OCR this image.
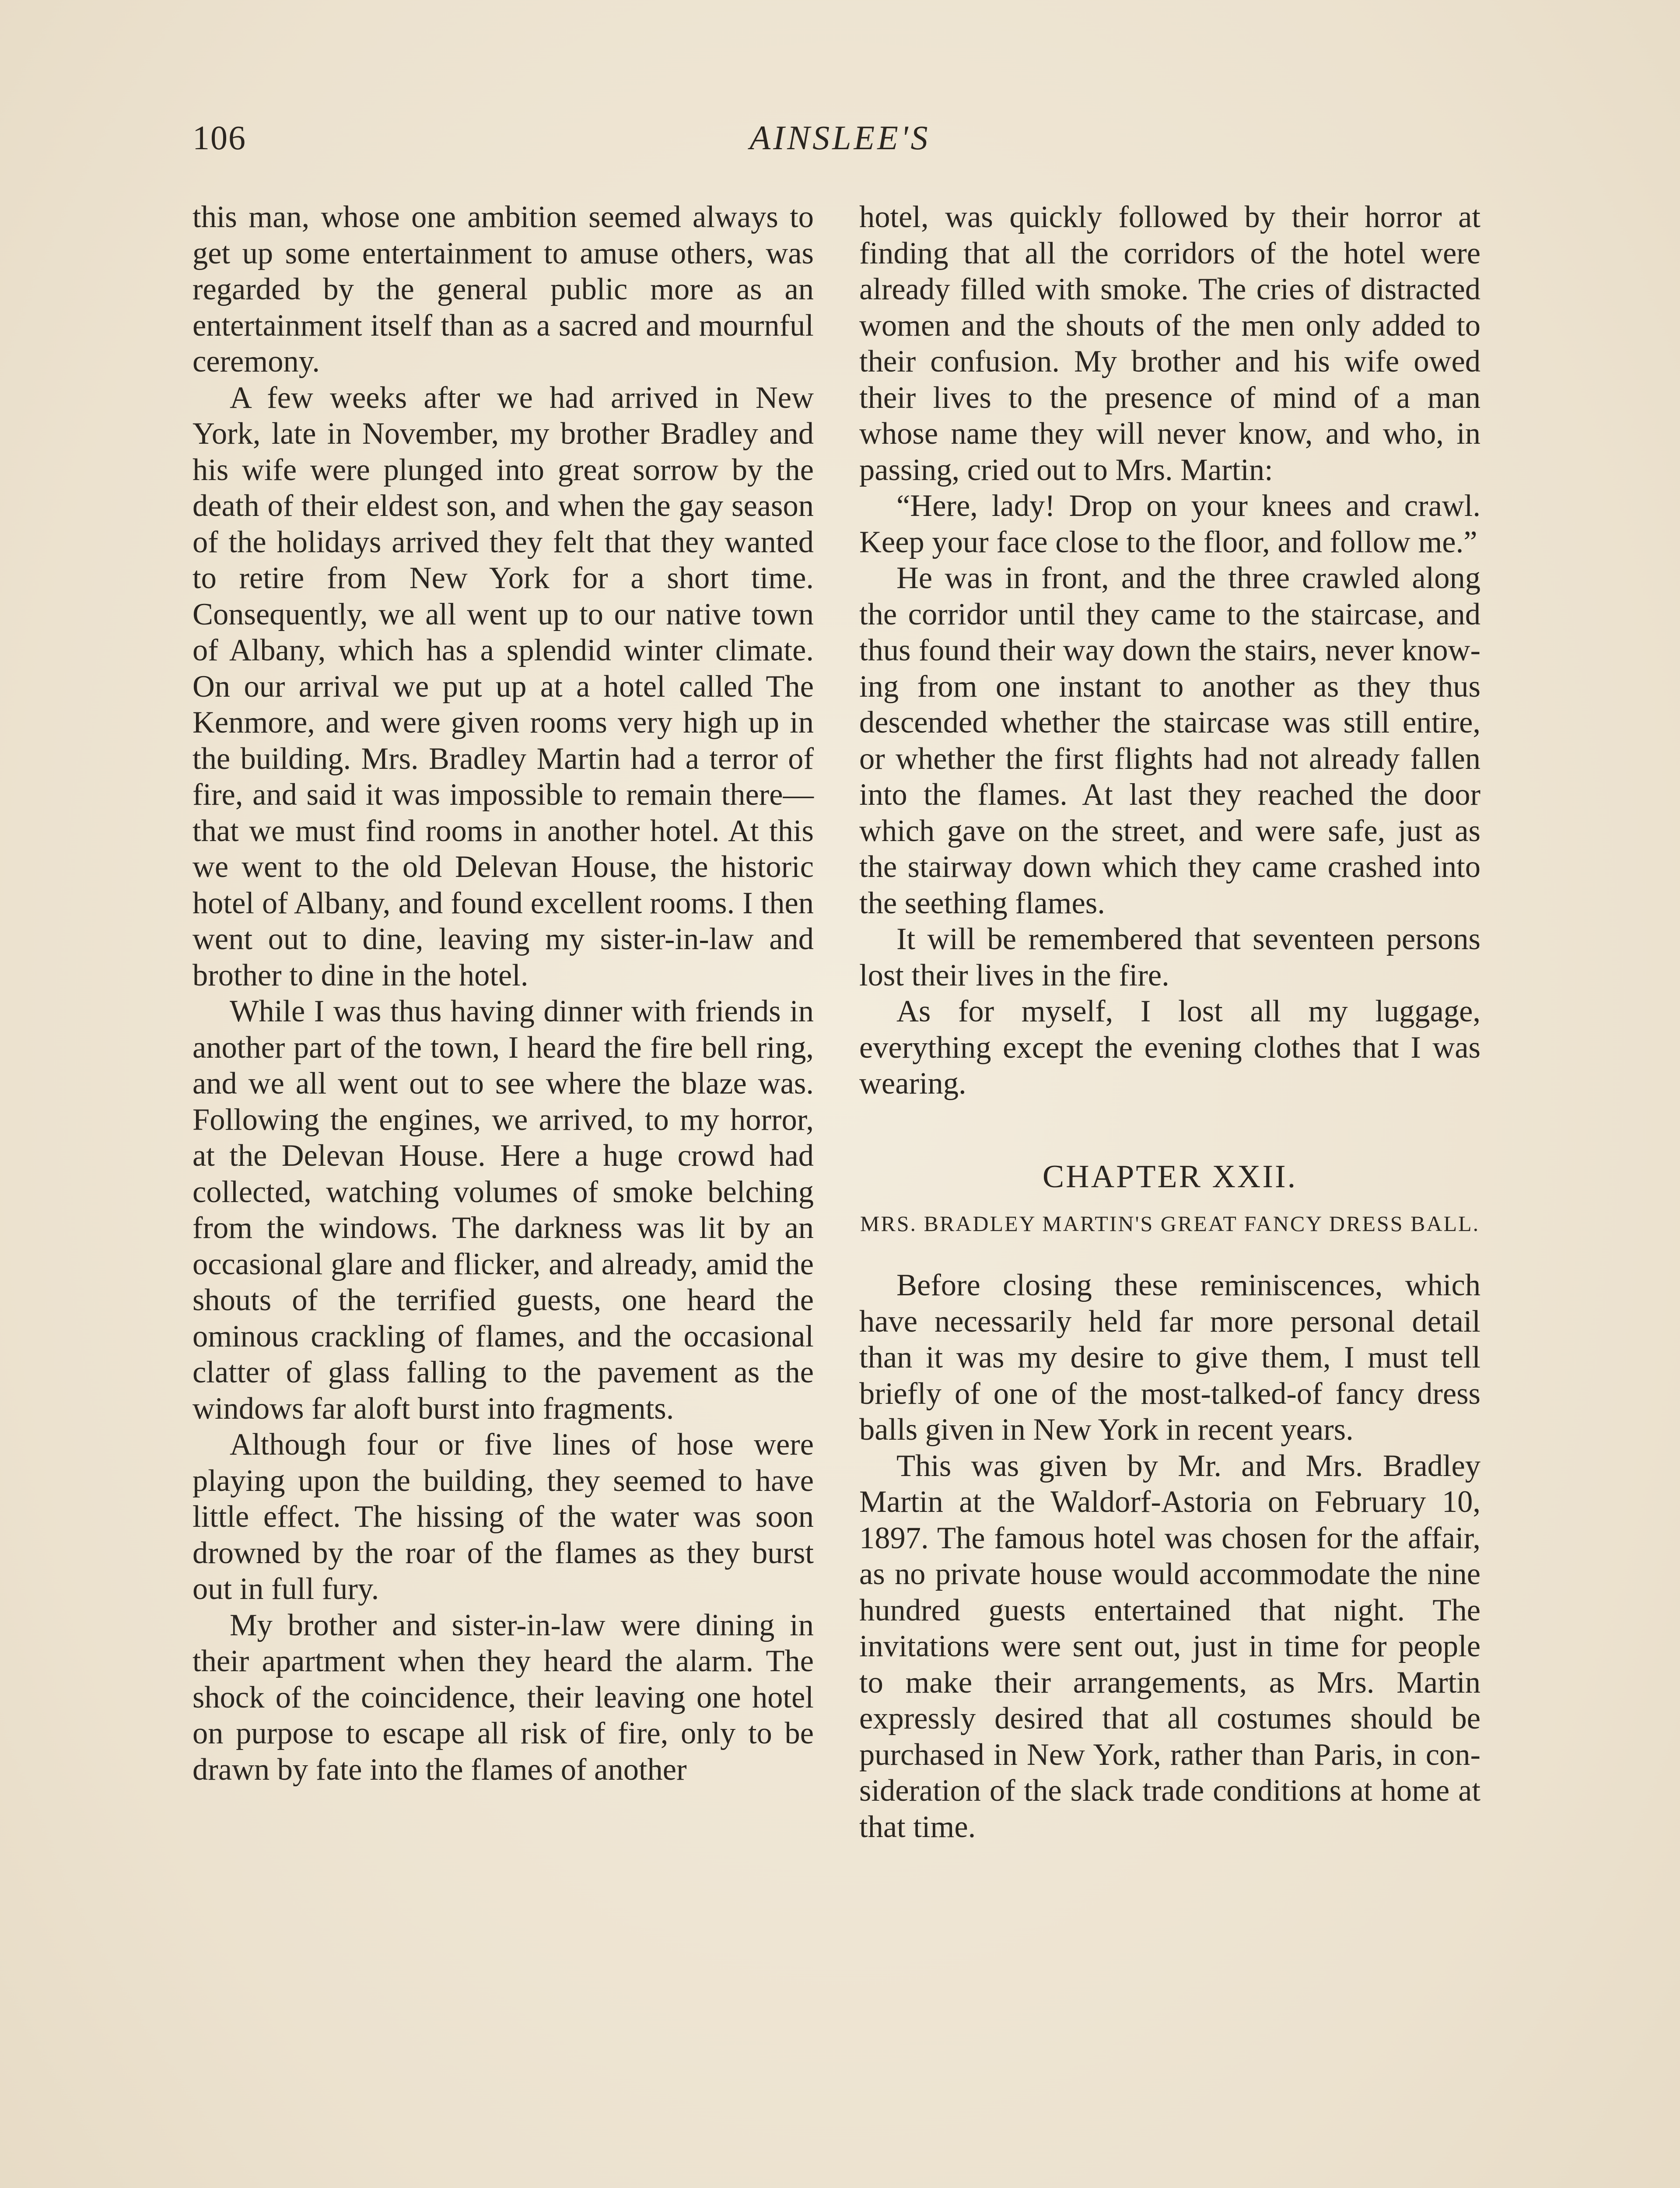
106	AINSLEE'S

this man, whose one ambition seemed always to get up some entertainment to amuse others, was regarded by the general public more as an entertainment itself than as a sacred and mournful ceremony.

A few weeks after we had arrived in New York, late in November, my brother Bradley and his wife were plunged into great sorrow by the death of their eldest son, and when the gay season of the holidays arrived they felt that they wanted to retire from New York for a short time. Consequently, we all went up to our native town of Albany, which has a splendid winter climate. On our arrival we put up at a hotel called The Kenmore, and were given rooms very high up in the building. Mrs. Bradley Martin had a terror of fire, and said it was impossible to remain there—that we must find rooms in another hotel. At this we went to the old Delevan House, the historic hotel of Albany, and found excellent rooms. I then went out to dine, leaving my sister-in-law and brother to dine in the hotel.

While I was thus having dinner with friends in another part of the town, I heard the fire bell ring, and we all went out to see where the blaze was. Following the engines, we arrived, to my horror, at the Delevan House. Here a huge crowd had collected, watching volumes of smoke belching from the windows. The darkness was lit by an occasional glare and flicker, and already, amid the shouts of the terrified guests, one heard the ominous crackling of flames, and the occasional clatter of glass falling to the pavement as the windows far aloft burst into fragments.

Although four or five lines of hose were playing upon the building, they seemed to have little effect. The hissing of the water was soon drowned by the roar of the flames as they burst out in full fury.

My brother and sister-in-law were dining in their apartment when they heard the alarm. The shock of the coincidence, their leaving one hotel on purpose to escape all risk of fire, only to be drawn by fate into the flames of another

hotel, was quickly followed by their horror at finding that all the corridors of the hotel were already filled with smoke. The cries of distracted women and the shouts of the men only added to their confusion. My brother and his wife owed their lives to the presence of mind of a man whose name they will never know, and who, in passing, cried out to Mrs. Martin:

“Here, lady! Drop on your knees and crawl. Keep your face close to the floor, and follow me.”

He was in front, and the three crawled along the corridor until they came to the staircase, and thus found their way down the stairs, never knowing from one instant to another as they thus descended whether the staircase was still entire, or whether the first flights had not already fallen into the flames. At last they reached the door which gave on the street, and were safe, just as the stairway down which they came crashed into the seething flames.

It will be remembered that seventeen persons lost their lives in the fire.

As for myself, I lost all my luggage, everything except the evening clothes that I was wearing.

CHAPTER XXII.
MRS. BRADLEY MARTIN'S GREAT FANCY DRESS BALL.

Before closing these reminiscences, which have necessarily held far more personal detail than it was my desire to give them, I must tell briefly of one of the most-talked-of fancy dress balls given in New York in recent years.

This was given by Mr. and Mrs. Bradley Martin at the Waldorf-Astoria on February 10, 1897. The famous hotel was chosen for the affair, as no private house would accommodate the nine hundred guests entertained that night. The invitations were sent out, just in time for people to make their arrangements, as Mrs. Martin expressly desired that all costumes should be purchased in New York, rather than Paris, in consideration of the slack trade conditions at home at that time.
